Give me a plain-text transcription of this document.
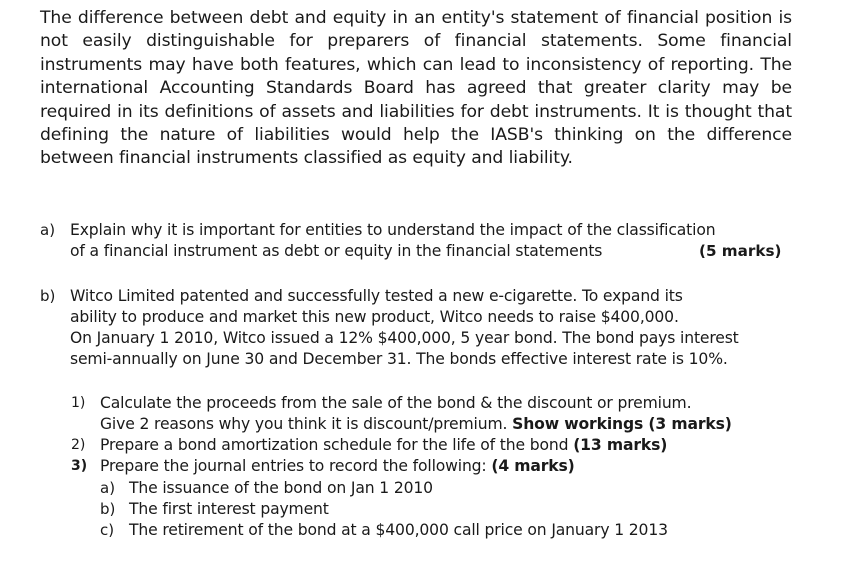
The difference between debt and equity in an entity's statement of financial position is not easily distinguishable for preparers of financial statements. Some financial instruments may have both features, which can lead to inconsistency of reporting. The international Accounting Standards Board has agreed that greater clarity may be required in its definitions of assets and liabilities for debt instruments. It is thought that defining the nature of liabilities would help the IASB's thinking on the difference between financial instruments classified as equity and liability.

a) Explain why it is important for entities to understand the impact of the classification
of a financial instrument as debt or equity in the financial statements	(5 marks)
b) Witco Limited patented and successfully tested a new e-cigarette. To expand its
ability to produce and market this new product, Witco needs to raise $400,000.
On January 1 2010, Witco issued a 12% $400,000, 5 year bond. The bond pays interest
semi-annually on June 30 and December 31. The bonds effective interest rate is 10%.
1) Calculate the proceeds from the sale of the bond & the discount or premium.
Give 2 reasons why you think it is discount/premium. Show workings (3 marks)
2) Prepare a bond amortization schedule for the life of the bond (13 marks)
3) Prepare the journal entries to record the following: (4 marks)
a) The issuance of the bond on Jan 1 2010
b) The first interest payment
c) The retirement of the bond at a $400,000 call price on January 1 2013
